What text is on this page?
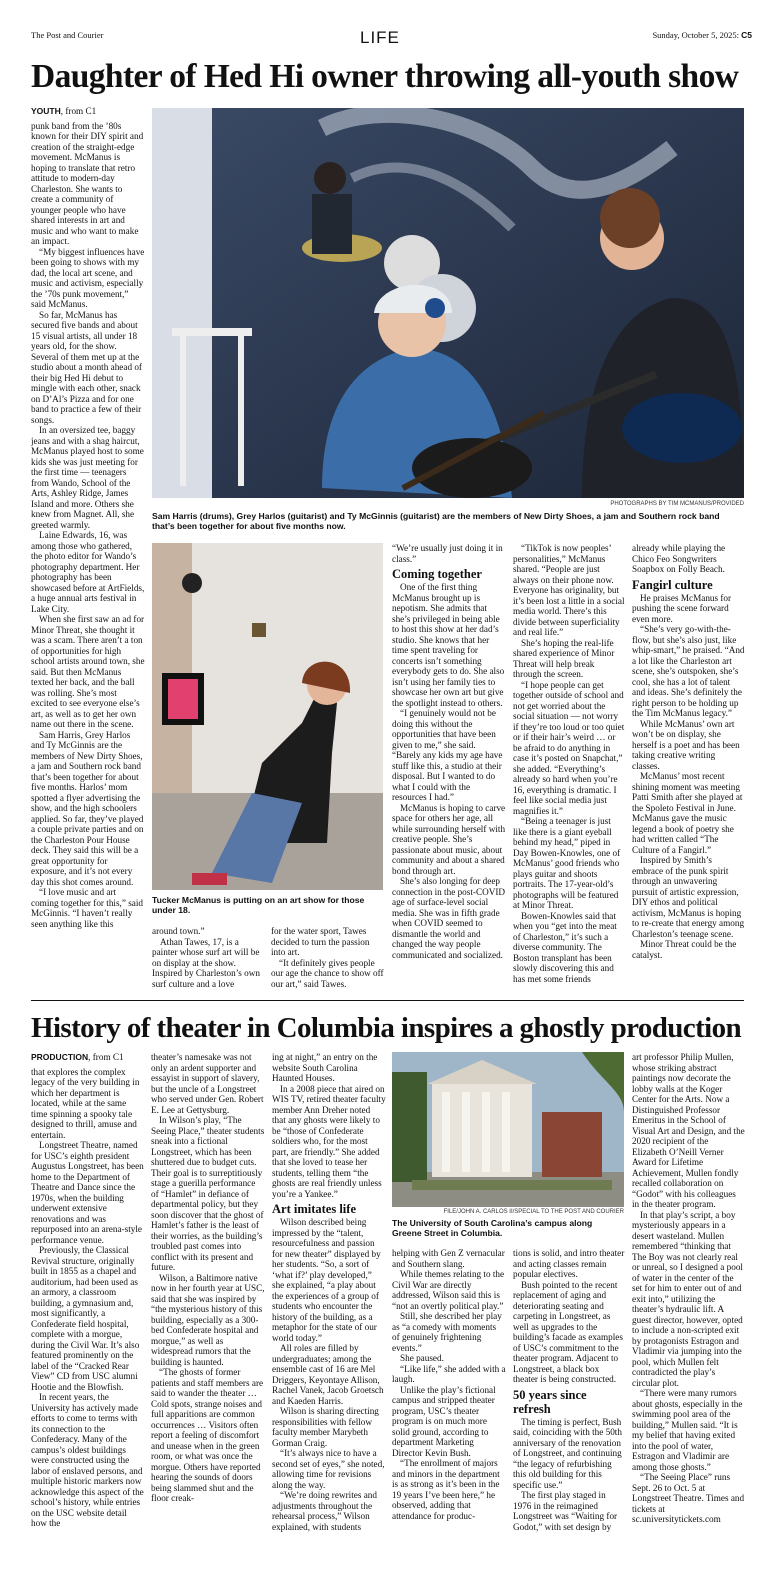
The Post and Courier	LIFE	Sunday, October 5, 2025: C5
Daughter of Hed Hi owner throwing all-youth show

YOUTH, from C1

punk band from the ’80s known for their DIY spirit and creation of the straight-edge movement. McManus is hoping to translate that retro attitude to modern-day Charleston. She wants to create a community of younger people who have shared interests in art and music and who want to make an impact.

“My biggest influences have been going to shows with my dad, the local art scene, and music and activism, especially the ’70s punk movement,” said McManus.

So far, McManus has secured five bands and about 15 visual artists, all under 18 years old, for the show. Several of them met up at the studio about a month ahead of their big Hed Hi debut to mingle with each other, snack on D’Al’s Pizza and for one band to practice a few of their songs.

In an oversized tee, baggy jeans and with a shag haircut, McManus played host to some kids she was just meeting for the first time — teenagers from Wando, School of the Arts, Ashley Ridge, James Island and more. Others she knew from Magnet. All, she greeted warmly.

Laine Edwards, 16, was among those who gathered, the photo editor for Wando’s photography department. Her photography has been showcased before at ArtFields, a huge annual arts festival in Lake City.

When she first saw an ad for Minor Threat, she thought it was a scam. There aren’t a ton of opportunities for high school artists around town, she said. But then McManus texted her back, and the ball was rolling. She’s most excited to see everyone else’s art, as well as to get her own name out there in the scene.

Sam Harris, Grey Harlos and Ty McGinnis are the members of New Dirty Shoes, a jam and Southern rock band that’s been together for about five months. Harlos’ mom spotted a flyer advertising the show, and the high schoolers applied. So far, they’ve played a couple private parties and on the Charleston Pour House deck. They said this will be a great opportunity for exposure, and it’s not every day this shot comes around.

“I love music and art coming together for this,” said McGinnis. “I haven’t really seen anything like this

PHOTOGRAPHS BY TIM MCMANUS/PROVIDED
Sam Harris (drums), Grey Harlos (guitarist) and Ty McGinnis (guitarist) are the members of New Dirty Shoes, a jam and Southern rock band that’s been together for about five months now.
Tucker McManus is putting on an art show for those under 18.

around town.”

Athan Tawes, 17, is a painter whose surf art will be on display at the show. Inspired by Charleston’s own surf culture and a love

for the water sport, Tawes decided to turn the passion into art.

“It definitely gives people our age the chance to show off our art,” said Tawes.

“We’re usually just doing it in class.”

Coming together

One of the first thing McManus brought up is nepotism. She admits that she’s privileged in being able to host this show at her dad’s studio. She knows that her time spent traveling for concerts isn’t something everybody gets to do. She also isn’t using her family ties to showcase her own art but give the spotlight instead to others.

“I genuinely would not be doing this without the opportunities that have been given to me,” she said. “Barely any kids my age have stuff like this, a studio at their disposal. But I wanted to do what I could with the resources I had.”

McManus is hoping to carve space for others her age, all while surrounding herself with creative people. She’s passionate about music, about community and about a shared bond through art.

She’s also longing for deep connection in the post-COVID age of surface-level social media. She was in fifth grade when COVID seemed to dismantle the world and changed the way people communicated and socialized.

“TikTok is now peoples’ personalities,” McManus shared. “People are just always on their phone now. Everyone has originality, but it’s been lost a little in a social media world. There’s this divide between superficiality and real life.”

She’s hoping the real-life shared experience of Minor Threat will help break through the screen.

“I hope people can get together outside of school and not get worried about the social situation — not worry if they’re too loud or too quiet or if their hair’s weird … or be afraid to do anything in case it’s posted on Snapchat,” she added. “Everything’s already so hard when you’re 16, everything is dramatic. I feel like social media just magnifies it.”

“Being a teenager is just like there is a giant eyeball behind my head,” piped in Day Bowen-Knowles, one of McManus’ good friends who plays guitar and shoots portraits. The 17-year-old’s photographs will be featured at Minor Threat.

Bowen-Knowles said that when you “get into the meat of Charleston,” it’s such a diverse community. The Boston transplant has been slowly discovering this and has met some friends

already while playing the Chico Feo Songwriters Soapbox on Folly Beach.

Fangirl culture

He praises McManus for pushing the scene forward even more.

“She’s very go-with-the-flow, but she’s also just, like whip-smart,” he praised. “And a lot like the Charleston art scene, she’s outspoken, she’s cool, she has a lot of talent and ideas. She’s definitely the right person to be holding up the Tim McManus legacy.”

While McManus’ own art won’t be on display, she herself is a poet and has been taking creative writing classes.

McManus’ most recent shining moment was meeting Patti Smith after she played at the Spoleto Festival in June. McManus gave the music legend a book of poetry she had written called “The Culture of a Fangirl.”

Inspired by Smith’s embrace of the punk spirit through an unwavering pursuit of artistic expression, DIY ethos and political activism, McManus is hoping to re-create that energy among Charleston’s teenage scene.

Minor Threat could be the catalyst.

History of theater in Columbia inspires a ghostly production

PRODUCTION, from C1

that explores the complex legacy of the very building in which her department is located, while at the same time spinning a spooky tale designed to thrill, amuse and entertain.

Longstreet Theatre, named for USC’s eighth president Augustus Longstreet, has been home to the Department of Theatre and Dance since the 1970s, when the building underwent extensive renovations and was repurposed into an arena-style performance venue.

Previously, the Classical Revival structure, originally built in 1855 as a chapel and auditorium, had been used as an armory, a classroom building, a gymnasium and, most significantly, a Confederate field hospital, complete with a morgue, during the Civil War. It’s also featured prominently on the label of the “Cracked Rear View” CD from USC alumni Hootie and the Blowfish.

In recent years, the University has actively made efforts to come to terms with its connection to the Confederacy. Many of the campus’s oldest buildings were constructed using the labor of enslaved persons, and multiple historic markers now acknowledge this aspect of the school’s history, while entries on the USC website detail how the

theater’s namesake was not only an ardent supporter and essayist in support of slavery, but the uncle of a Longstreet who served under Gen. Robert E. Lee at Gettysburg.

In Wilson’s play, “The Seeing Place,” theater students sneak into a fictional Longstreet, which has been shuttered due to budget cuts. Their goal is to surreptitiously stage a guerilla performance of “Hamlet” in defiance of departmental policy, but they soon discover that the ghost of Hamlet’s father is the least of their worries, as the building’s troubled past comes into conflict with its present and future.

Wilson, a Baltimore native now in her fourth year at USC, said that she was inspired by “the mysterious history of this building, especially as a 300-bed Confederate hospital and morgue,” as well as widespread rumors that the building is haunted.

“The ghosts of former patients and staff members are said to wander the theater … Cold spots, strange noises and full apparitions are common occurrences … Visitors often report a feeling of discomfort and unease when in the green room, or what was once the morgue. Others have reported hearing the sounds of doors being slammed shut and the floor creak-

ing at night,” an entry on the website South Carolina Haunted Houses.

In a 2008 piece that aired on WIS TV, retired theater faculty member Ann Dreher noted that any ghosts were likely to be “those of Confederate soldiers who, for the most part, are friendly.” She added that she loved to tease her students, telling them “the ghosts are real friendly unless you’re a Yankee.”

Art imitates life

Wilson described being impressed by the “talent, resourcefulness and passion for new theater” displayed by her students. “So, a sort of ‘what if?’ play developed,” she explained, “a play about the experiences of a group of students who encounter the history of the building, as a metaphor for the state of our world today.”

All roles are filled by undergraduates; among the ensemble cast of 16 are Mel Driggers, Keyontaye Allison, Rachel Vanek, Jacob Groetsch and Kaeden Harris.

Wilson is sharing directing responsibilities with fellow faculty member Marybeth Gorman Craig.

“It’s always nice to have a second set of eyes,” she noted, allowing time for revisions along the way.

“We’re doing rewrites and adjustments throughout the rehearsal process,” Wilson explained, with students

FILE/JOHN A. CARLOS II/SPECIAL TO THE POST AND COURIER
The University of South Carolina’s campus along Greene Street in Columbia.

helping with Gen Z vernacular and Southern slang.

While themes relating to the Civil War are directly addressed, Wilson said this is “not an overtly political play.”

Still, she described her play as “a comedy with moments of genuinely frightening events.”

She paused.

“Like life,” she added with a laugh.

Unlike the play’s fictional campus and stripped theater program, USC’s theater program is on much more solid ground, according to department Marketing Director Kevin Bush.

“The enrollment of majors and minors in the department is as strong as it’s been in the 19 years I’ve been here,” he observed, adding that attendance for produc-

tions is solid, and intro theater and acting classes remain popular electives.

Bush pointed to the recent replacement of aging and deteriorating seating and carpeting in Longstreet, as well as upgrades to the building’s facade as examples of USC’s commitment to the theater program. Adjacent to Longstreet, a black box theater is being constructed.

50 years since refresh

The timing is perfect, Bush said, coinciding with the 50th anniversary of the renovation of Longstreet, and continuing “the legacy of refurbishing this old building for this specific use.”

The first play staged in 1976 in the reimagined Longstreet was “Waiting for Godot,” with set design by

art professor Philip Mullen, whose striking abstract paintings now decorate the lobby walls at the Koger Center for the Arts. Now a Distinguished Professor Emeritus in the School of Visual Art and Design, and the 2020 recipient of the Elizabeth O’Neill Verner Award for Lifetime Achievement, Mullen fondly recalled collaboration on “Godot” with his colleagues in the theater program.

In that play’s script, a boy mysteriously appears in a desert wasteland. Mullen remembered “thinking that The Boy was not clearly real or unreal, so I designed a pool of water in the center of the set for him to enter out of and exit into,” utilizing the theater’s hydraulic lift. A guest director, however, opted to include a non-scripted exit by protagonists Estragon and Vladimir via jumping into the pool, which Mullen felt contradicted the play’s circular plot.

“There were many rumors about ghosts, especially in the swimming pool area of the building,” Mullen said. “It is my belief that having exited into the pool of water, Estragon and Vladimir are among those ghosts.”

“The Seeing Place” runs Sept. 26 to Oct. 5 at Longstreet Theatre. Times and tickets at sc.universitytickets.com
